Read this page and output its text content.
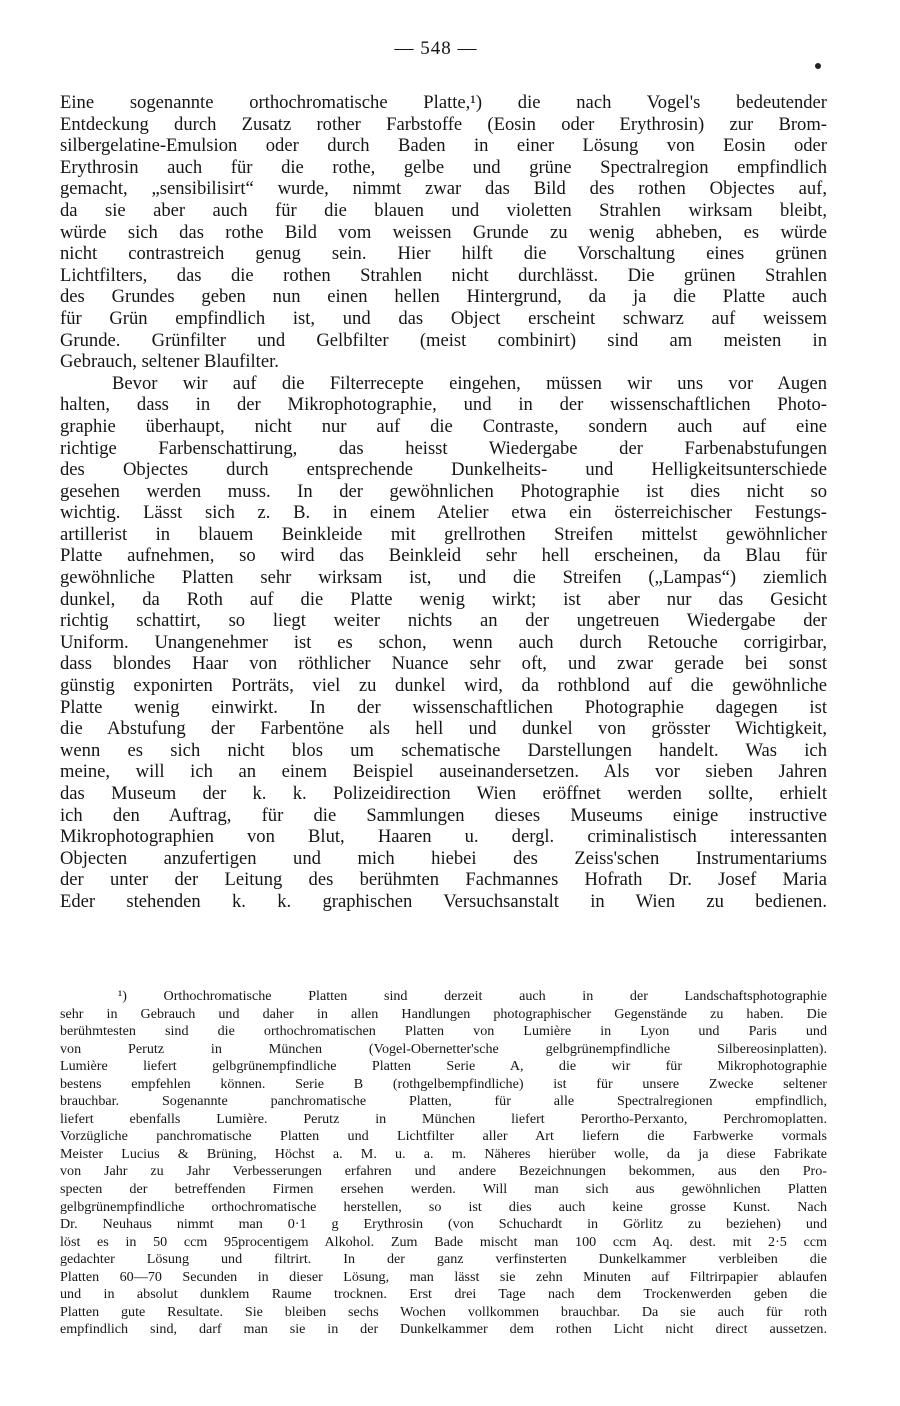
— 548 —
Eine sogenannte orthochromatische Platte,¹) die nach Vogel's bedeutender
Entdeckung durch Zusatz rother Farbstoffe (Eosin oder Erythrosin) zur Brom-
silbergelatine-Emulsion oder durch Baden in einer Lösung von Eosin oder
Erythrosin auch für die rothe, gelbe und grüne Spectralregion empfindlich
gemacht, „sensibilisirt“ wurde, nimmt zwar das Bild des rothen Objectes auf,
da sie aber auch für die blauen und violetten Strahlen wirksam bleibt,
würde sich das rothe Bild vom weissen Grunde zu wenig abheben, es würde
nicht contrastreich genug sein. Hier hilft die Vorschaltung eines grünen
Lichtfilters, das die rothen Strahlen nicht durchlässt. Die grünen Strahlen
des Grundes geben nun einen hellen Hintergrund, da ja die Platte auch
für Grün empfindlich ist, und das Object erscheint schwarz auf weissem
Grunde. Grünfilter und Gelbfilter (meist combinirt) sind am meisten in
Gebrauch, seltener Blaufilter.
Bevor wir auf die Filterrecepte eingehen, müssen wir uns vor Augen
halten, dass in der Mikrophotographie, und in der wissenschaftlichen Photo-
graphie überhaupt, nicht nur auf die Contraste, sondern auch auf eine
richtige Farbenschattirung, das heisst Wiedergabe der Farbenabstufungen
des Objectes durch entsprechende Dunkelheits- und Helligkeitsunterschiede
gesehen werden muss. In der gewöhnlichen Photographie ist dies nicht so
wichtig. Lässt sich z. B. in einem Atelier etwa ein österreichischer Festungs-
artillerist in blauem Beinkleide mit grellrothen Streifen mittelst gewöhnlicher
Platte aufnehmen, so wird das Beinkleid sehr hell erscheinen, da Blau für
gewöhnliche Platten sehr wirksam ist, und die Streifen („Lampas“) ziemlich
dunkel, da Roth auf die Platte wenig wirkt; ist aber nur das Gesicht
richtig schattirt, so liegt weiter nichts an der ungetreuen Wiedergabe der
Uniform. Unangenehmer ist es schon, wenn auch durch Retouche corrigirbar,
dass blondes Haar von röthlicher Nuance sehr oft, und zwar gerade bei sonst
günstig exponirten Porträts, viel zu dunkel wird, da rothblond auf die gewöhnliche
Platte wenig einwirkt. In der wissenschaftlichen Photographie dagegen ist
die Abstufung der Farbentöne als hell und dunkel von grösster Wichtigkeit,
wenn es sich nicht blos um schematische Darstellungen handelt. Was ich
meine, will ich an einem Beispiel auseinandersetzen. Als vor sieben Jahren
das Museum der k. k. Polizeidirection Wien eröffnet werden sollte, erhielt
ich den Auftrag, für die Sammlungen dieses Museums einige instructive
Mikrophotographien von Blut, Haaren u. dergl. criminalistisch interessanten
Objecten anzufertigen und mich hiebei des Zeiss'schen Instrumentariums
der unter der Leitung des berühmten Fachmannes Hofrath Dr. Josef Maria
Eder stehenden k. k. graphischen Versuchsanstalt in Wien zu bedienen.
¹) Orthochromatische Platten sind derzeit auch in der Landschaftsphotographie
sehr in Gebrauch und daher in allen Handlungen photographischer Gegenstände zu haben. Die
berühmtesten sind die orthochromatischen Platten von Lumière in Lyon und Paris und
von Perutz in München (Vogel-Obernetter'sche gelbgrünempfindliche Silbereosinplatten).
Lumière liefert gelbgrünempfindliche Platten Serie A, die wir für Mikrophotographie
bestens empfehlen können. Serie B (rothgelbempfindliche) ist für unsere Zwecke seltener
brauchbar. Sogenannte panchromatische Platten, für alle Spectralregionen empfindlich,
liefert ebenfalls Lumière. Perutz in München liefert Perortho-Perxanto, Perchromoplatten.
Vorzügliche panchromatische Platten und Lichtfilter aller Art liefern die Farbwerke vormals
Meister Lucius & Brüning, Höchst a. M. u. a. m. Näheres hierüber wolle, da ja diese Fabrikate
von Jahr zu Jahr Verbesserungen erfahren und andere Bezeichnungen bekommen, aus den Pro-
specten der betreffenden Firmen ersehen werden. Will man sich aus gewöhnlichen Platten
gelbgrünempfindliche orthochromatische herstellen, so ist dies auch keine grosse Kunst. Nach
Dr. Neuhaus nimmt man 0·1 g Erythrosin (von Schuchardt in Görlitz zu beziehen) und
löst es in 50 ccm 95procentigem Alkohol. Zum Bade mischt man 100 ccm Aq. dest. mit 2·5 ccm
gedachter Lösung und filtrirt. In der ganz verfinsterten Dunkelkammer verbleiben die
Platten 60—70 Secunden in dieser Lösung, man lässt sie zehn Minuten auf Filtrirpapier ablaufen
und in absolut dunklem Raume trocknen. Erst drei Tage nach dem Trockenwerden geben die
Platten gute Resultate. Sie bleiben sechs Wochen vollkommen brauchbar. Da sie auch für roth
empfindlich sind, darf man sie in der Dunkelkammer dem rothen Licht nicht direct aussetzen.
